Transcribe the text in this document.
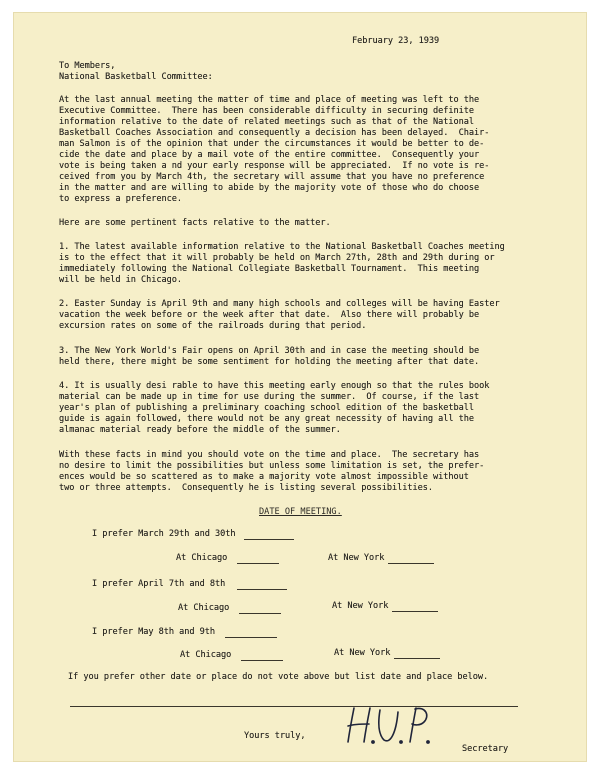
February 23, 1939
To Members,
National Basketball Committee:
At the last annual meeting the matter of time and place of meeting was left to the
Executive Committee.  There has been considerable difficulty in securing definite
information relative to the date of related meetings such as that of the National
Basketball Coaches Association and consequently a decision has been delayed.  Chair-
man Salmon is of the opinion that under the circumstances it would be better to de-
cide the date and place by a mail vote of the entire committee.  Consequently your
vote is being taken a nd your early response will be appreciated.  If no vote is re-
ceived from you by March 4th, the secretary will assume that you have no preference
in the matter and are willing to abide by the majority vote of those who do choose
to express a preference.
Here are some pertinent facts relative to the matter.
1. The latest available information relative to the National Basketball Coaches meeting
is to the effect that it will probably be held on March 27th, 28th and 29th during or
immediately following the National Collegiate Basketball Tournament.  This meeting
will be held in Chicago.
2. Easter Sunday is April 9th and many high schools and colleges will be having Easter
vacation the week before or the week after that date.  Also there will probably be
excursion rates on some of the railroads during that period.
3. The New York World's Fair opens on April 30th and in case the meeting should be
held there, there might be some sentiment for holding the meeting after that date.
4. It is usually desi rable to have this meeting early enough so that the rules book
material can be made up in time for use during the summer.  Of course, if the last
year's plan of publishing a preliminary coaching school edition of the basketball
guide is again followed, there would not be any great necessity of having all the
almanac material ready before the middle of the summer.
With these facts in mind you should vote on the time and place.  The secretary has
no desire to limit the possibilities but unless some limitation is set, the prefer-
ences would be so scattered as to make a majority vote almost impossible without
two or three attempts.  Consequently he is listing several possibilities.
DATE OF MEETING.
I prefer March 29th and 30th
At Chicago	At New York
I prefer April 7th and 8th
At Chicago	At New York
I prefer May 8th and 9th
At Chicago	At New York
If you prefer other date or place do not vote above but list date and place below.
Yours truly,
Secretary
